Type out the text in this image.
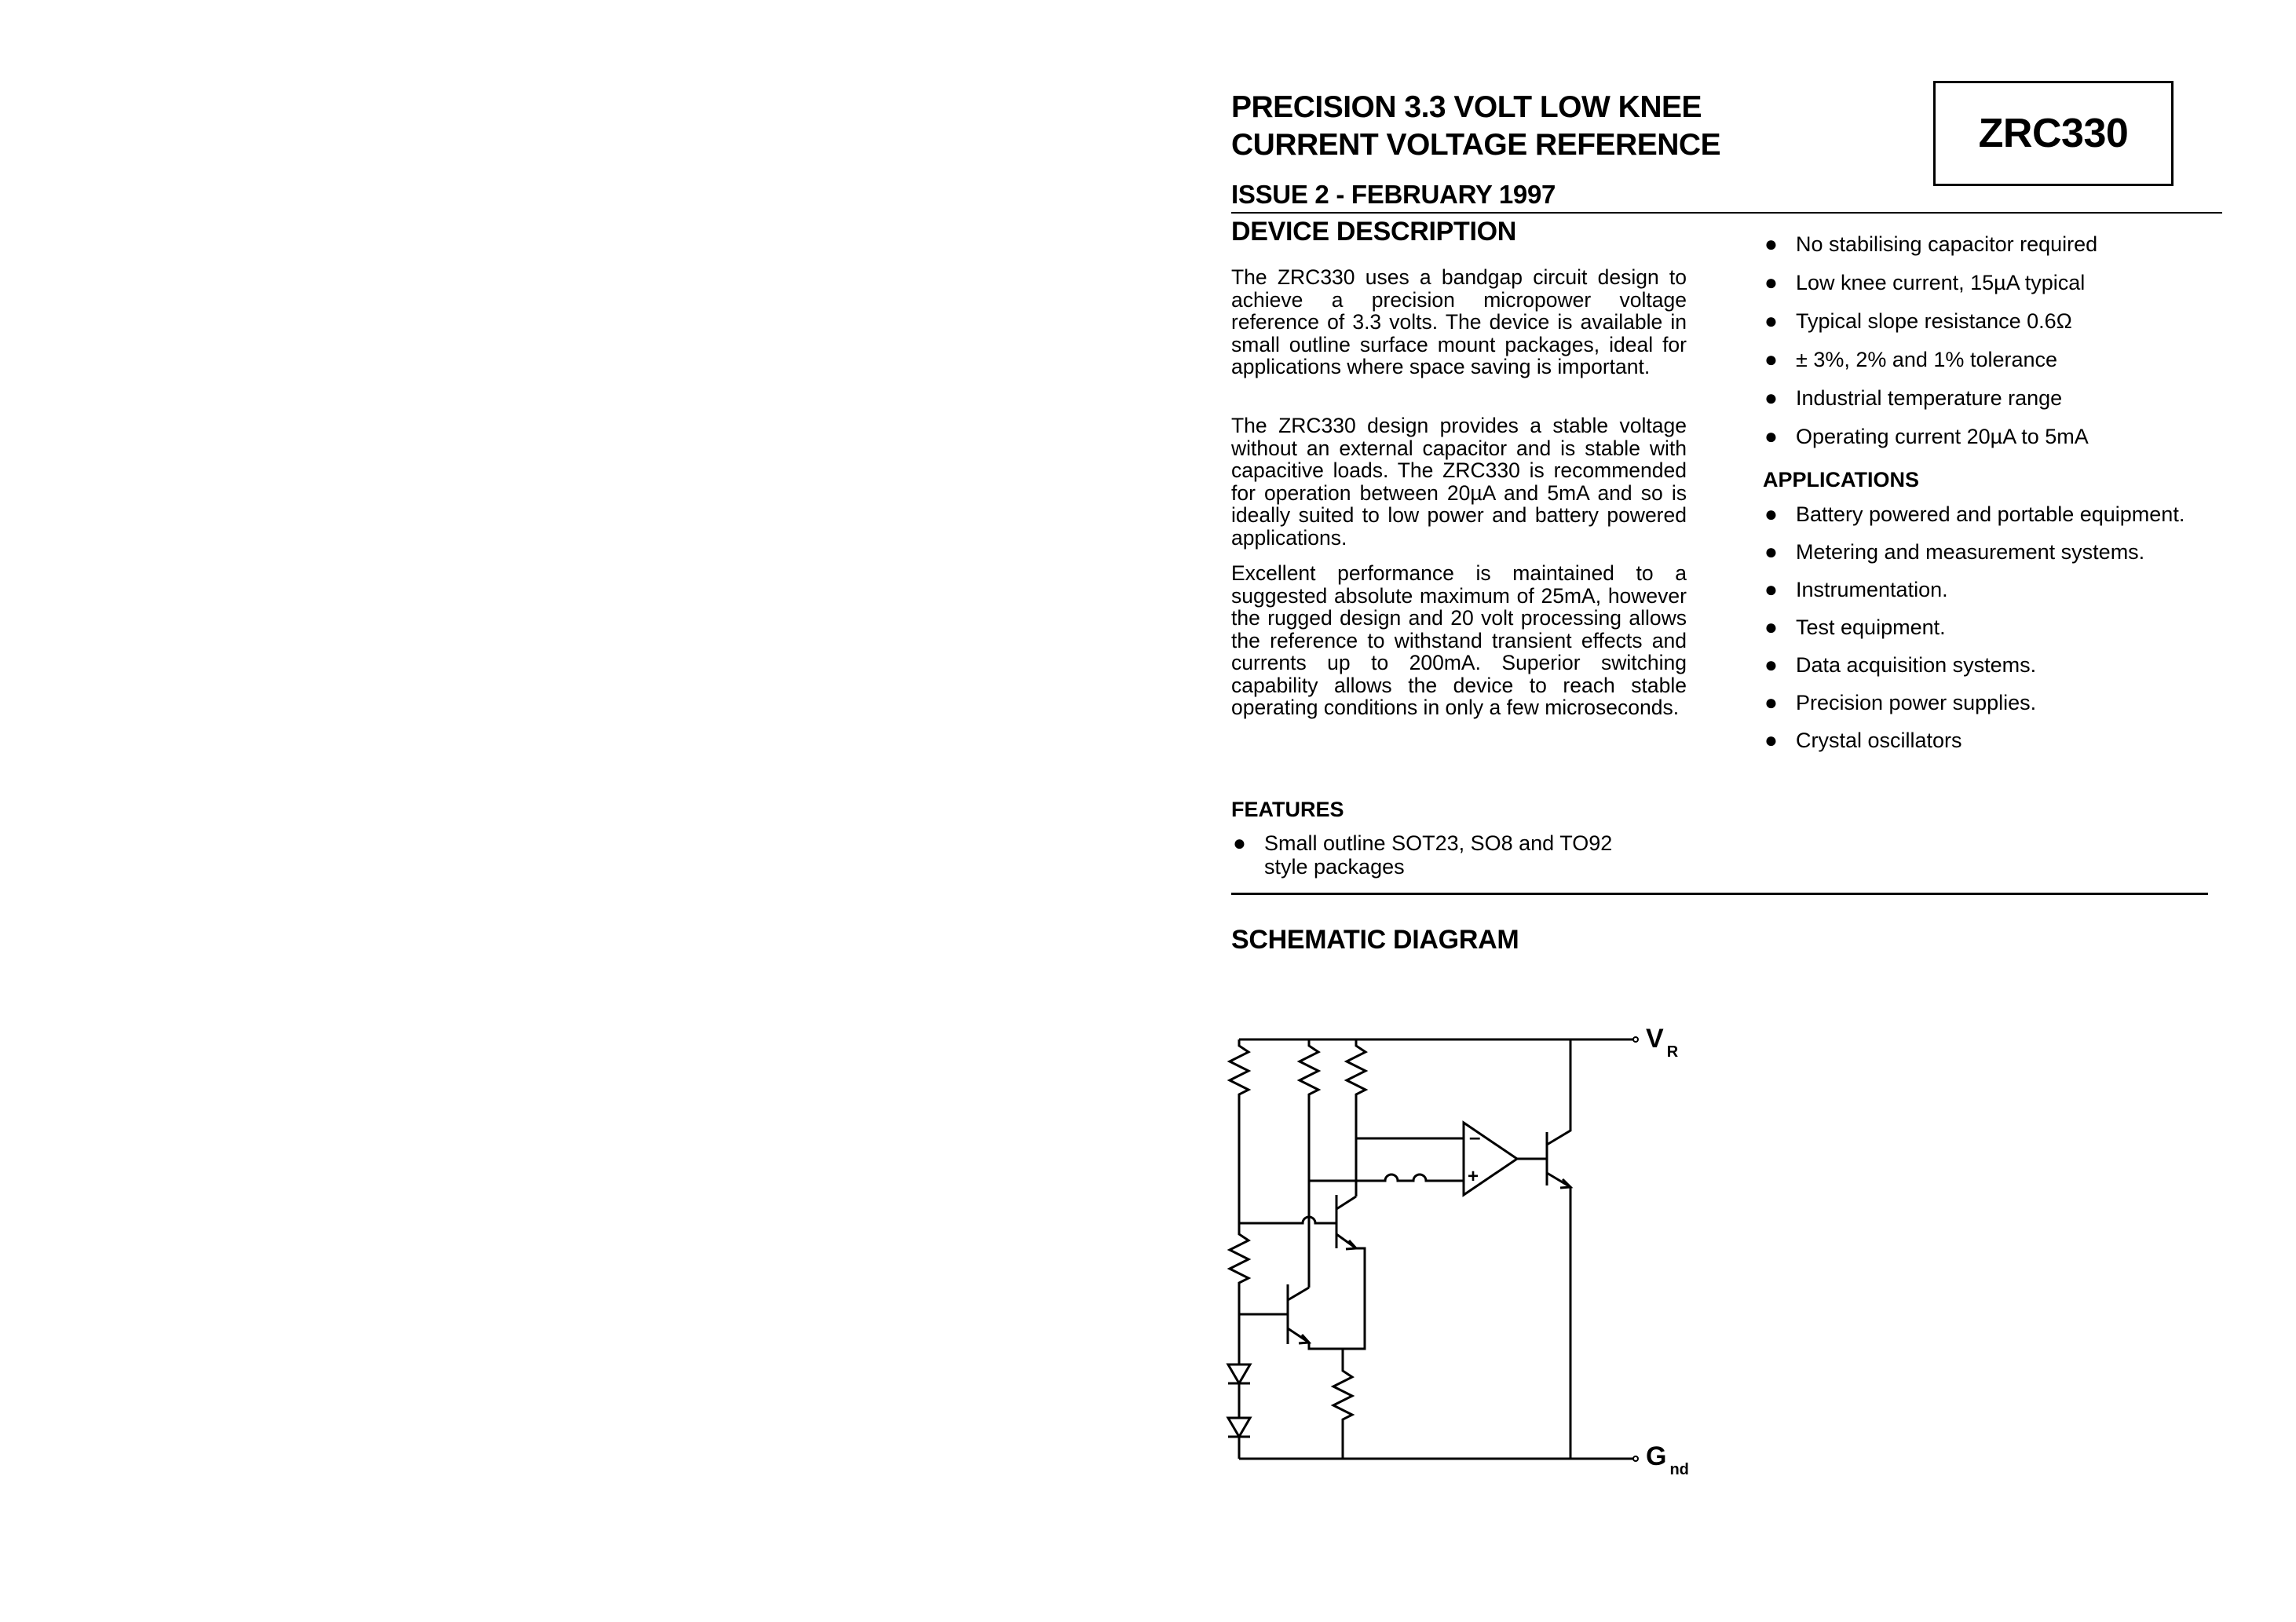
PRECISION 3.3 VOLT LOW KNEE
CURRENT VOLTAGE REFERENCE	ZRC330
ISSUE 2 - FEBRUARY 1997
DEVICE DESCRIPTION
The ZRC330 uses a bandgap circuit design to achieve a precision micropower voltage reference of 3.3 volts. The device is available in small outline surface mount packages, ideal for applications where space saving is important.
The ZRC330 design provides a stable voltage without an external capacitor and is stable with capacitive loads. The ZRC330 is recommended for operation between 20µA and 5mA and so is ideally suited to low power and battery powered applications.
Excellent performance is maintained to a suggested absolute maximum of 25mA, however the rugged design and 20 volt processing allows the reference to withstand transient effects and currents up to 200mA. Superior switching capability allows the device to reach stable operating conditions in only a few microseconds.
FEATURES
●
Small outline SOT23, SO8 and TO92 style packages
●
No stabilising capacitor required
●
Low knee current, 15µA typical
●
Typical slope resistance 0.6Ω
●
± 3%, 2% and 1% tolerance
●
Industrial temperature range
●
Operating current 20µA to 5mA
APPLICATIONS
●
Battery powered and portable equipment.
●
Metering and measurement systems.
●
Instrumentation.
●
Test equipment.
●
Data acquisition systems.
●
Precision power supplies.
●
Crystal oscillators
SCHEMATIC DIAGRAM
V $_R$
G $_{nd}$
–
+
